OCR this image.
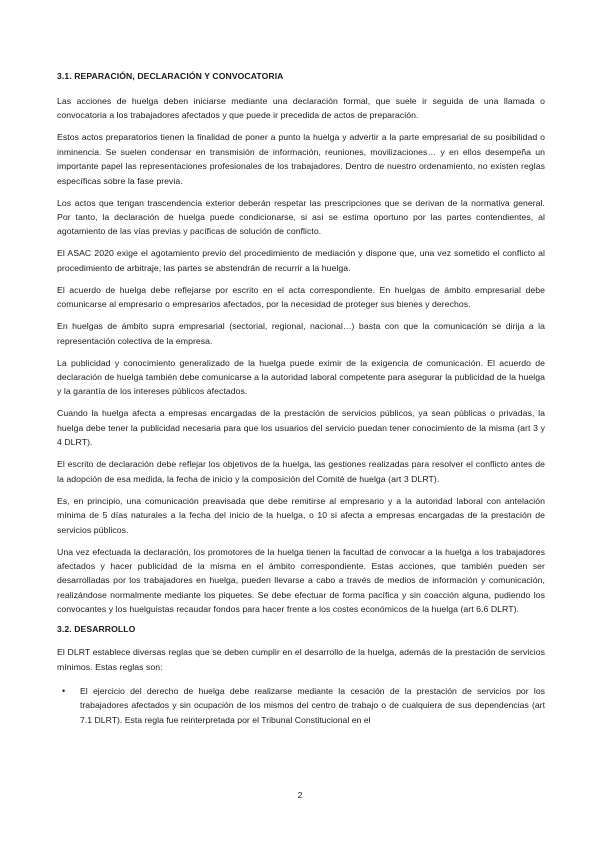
3.1. REPARACIÓN, DECLARACIÓN Y CONVOCATORIA

Las acciones de huelga deben iniciarse mediante una declaración formal, que suele ir seguida de una llamada o convocatoria a los trabajadores afectados y que puede ir precedida de actos de preparación.

Estos actos preparatorios tienen la finalidad de poner a punto la huelga y advertir a la parte empresarial de su posibilidad o inminencia. Se suelen condensar en transmisión de información, reuniones, movilizaciones… y en ellos desempeña un importante papel las representaciones profesionales de los trabajadores. Dentro de nuestro ordenamiento, no existen reglas específicas sobre la fase previa.

Los actos que tengan trascendencia exterior deberán respetar las prescripciones que se derivan de la normativa general. Por tanto, la declaración de huelga puede condicionarse, si así se estima oportuno por las partes contendientes, al agotamiento de las vías previas y pacíficas de solución de conflicto.

El ASAC 2020 exige el agotamiento previo del procedimiento de mediación y dispone que, una vez sometido el conflicto al procedimiento de arbitraje, las partes se abstendrán de recurrir a la huelga.

El acuerdo de huelga debe reflejarse por escrito en el acta correspondiente. En huelgas de ámbito empresarial debe comunicarse al empresario o empresarios afectados, por la necesidad de proteger sus bienes y derechos.

En huelgas de ámbito supra empresarial (sectorial, regional, nacional…) basta con que la comunicación se dirija a la representación colectiva de la empresa.

La publicidad y conocimiento generalizado de la huelga puede eximir de la exigencia de comunicación. El acuerdo de declaración de huelga también debe comunicarse a la autoridad laboral competente para asegurar la publicidad de la huelga y la garantía de los intereses públicos afectados.

Cuando la huelga afecta a empresas encargadas de la prestación de servicios públicos, ya sean públicas o privadas, la huelga debe tener la publicidad necesaria para que los usuarios del servicio puedan tener conocimiento de la misma (art 3 y 4 DLRT).

El escrito de declaración debe reflejar los objetivos de la huelga, las gestiones realizadas para resolver el conflicto antes de la adopción de esa medida, la fecha de inicio y la composición del Comité de huelga (art 3 DLRT).

Es, en principio, una comunicación preavisada que debe remitirse al empresario y a la autoridad laboral con antelación mínima de 5 días naturales a la fecha del inicio de la huelga, o 10 si afecta a empresas encargadas de la prestación de servicios públicos.

Una vez efectuada la declaración, los promotores de la huelga tienen la facultad de convocar a la huelga a los trabajadores afectados y hacer publicidad de la misma en el ámbito correspondiente. Estas acciones, que también pueden ser desarrolladas por los trabajadores en huelga, pueden llevarse a cabo a través de medios de información y comunicación, realizándose normalmente mediante los piquetes. Se debe efectuar de forma pacífica y sin coacción alguna, pudiendo los convocantes y los huelguistas recaudar fondos para hacer frente a los costes económicos de la huelga (art 6.6 DLRT).

3.2. DESARROLLO

El DLRT establece diversas reglas que se deben cumplir en el desarrollo de la huelga, además de la prestación de servicios mínimos. Estas reglas son:

• El ejercicio del derecho de huelga debe realizarse mediante la cesación de la prestación de servicios por los trabajadores afectados y sin ocupación de los mismos del centro de trabajo o de cualquiera de sus dependencias (art 7.1 DLRT). Esta regla fue reinterpretada por el Tribunal Constitucional en el
2
